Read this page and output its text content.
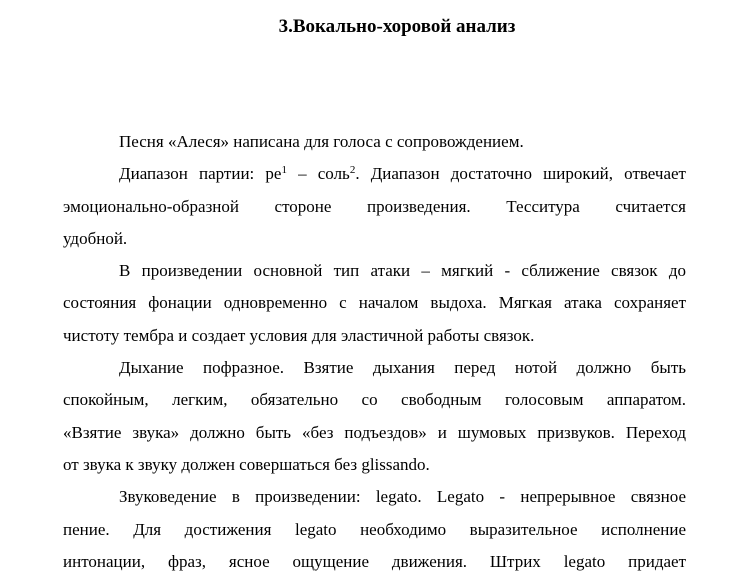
3.Вокально-хоровой анализ
Песня «Алеся» написана для голоса с сопровождением.
Диапазон партии: $ре^1$ – соль$^2$. Диапазон достаточно широкий, отвечает
эмоционально-образной стороне произведения. Тесситура считается
удобной.
В произведении основной тип атаки – мягкий - сближение связок до
состояния фонации одновременно с началом выдоха. Мягкая атака сохраняет
чистоту тембра и создает условия для эластичной работы связок.
Дыхание пофразное. Взятие дыхания перед нотой должно быть
спокойным, легким, обязательно со свободным голосовым аппаратом.
«Взятие звука» должно быть «без подъездов» и шумовых призвуков. Переход
от звука к звуку должен совершаться без glissando.
Звуковедение в произведении: legato. Legato - непрерывное связное
пение. Для достижения legato необходимо выразительное исполнение
интонации, фраз, ясное ощущение движения. Штрих legato придает
